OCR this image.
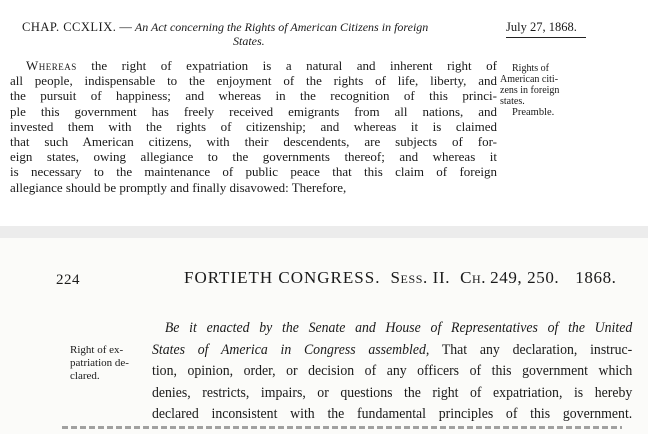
CHAP. CCXLIX. — An Act concerning the Rights of American Citizens in foreign
States.
July 27, 1868.
Whereas the right of expatriation is a natural and inherent right of
all people, indispensable to the enjoyment of the rights of life, liberty, and
the pursuit of happiness; and whereas in the recognition of this princi-
ple this government has freely received emigrants from all nations, and
invested them with the rights of citizenship; and whereas it is claimed
that such American citizens, with their descendents, are subjects of for-
eign states, owing allegiance to the governments thereof; and whereas it
is necessary to the maintenance of public peace that this claim of foreign
allegiance should be promptly and finally disavowed: Therefore,
Rights of
American citi-
zens in foreign
states.
Preamble.
224	FORTIETH CONGRESS. Sess. II. Ch. 249, 250. 1868.
Right of ex-
patriation de-
clared.
Be it enacted by the Senate and House of Representatives of the United
States of America in Congress assembled, That any declaration, instruc-
tion, opinion, order, or decision of any officers of this government which
denies, restricts, impairs, or questions the right of expatriation, is hereby
declared inconsistent with the fundamental principles of this government.
